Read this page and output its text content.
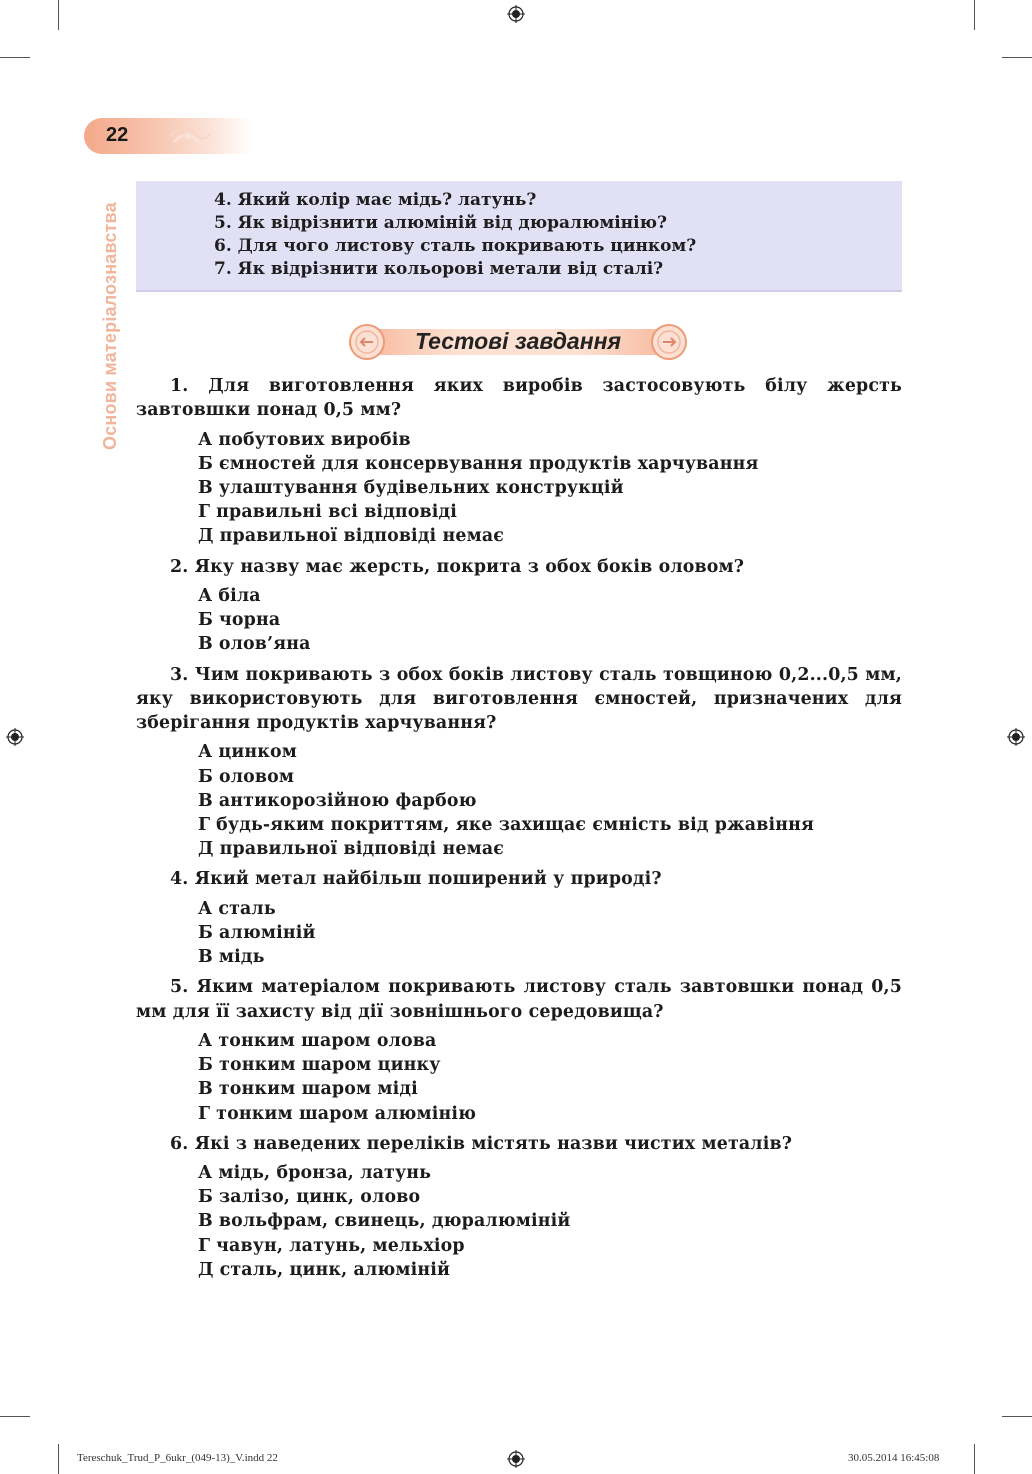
22
Основи матеріалознавства
4. Який колір має мідь? латунь?
5. Як відрізнити алюміній від дюралюмінію?
6. Для чого листову сталь покривають цинком?
7. Як відрізнити кольорові метали від сталі?
Тестові завдання
1. Для виготовлення яких виробів застосовують білу жерсть завтовшки понад 0,5 мм?
А побутових виробів
Б ємностей для консервування продуктів харчування
В улаштування будівельних конструкцій
Г правильні всі відповіді
Д правильної відповіді немає
2. Яку назву має жерсть, покрита з обох боків оловом?
А біла
Б чорна
В олов’яна
3. Чим покривають з обох боків листову сталь товщиною 0,2...0,5 мм, яку використовують для виготовлення ємностей, призначених для зберігання продуктів харчування?
А цинком
Б оловом
В антикорозійною фарбою
Г будь-яким покриттям, яке захищає ємність від ржавіння
Д правильної відповіді немає
4. Який метал найбільш поширений у природі?
А сталь
Б алюміній
В мідь
5. Яким матеріалом покривають листову сталь завтовшки понад 0,5 мм для її захисту від дії зовнішнього середовища?
А тонким шаром олова
Б тонким шаром цинку
В тонким шаром міді
Г тонким шаром алюмінію
6. Які з наведених переліків містять назви чистих металів?
А мідь, бронза, латунь
Б залізо, цинк, олово
В вольфрам, свинець, дюралюміній
Г чавун, латунь, мельхіор
Д сталь, цинк, алюміній
Tereschuk_Trud_P_6ukr_(049-13)_V.indd 22	30.05.2014 16:45:08
